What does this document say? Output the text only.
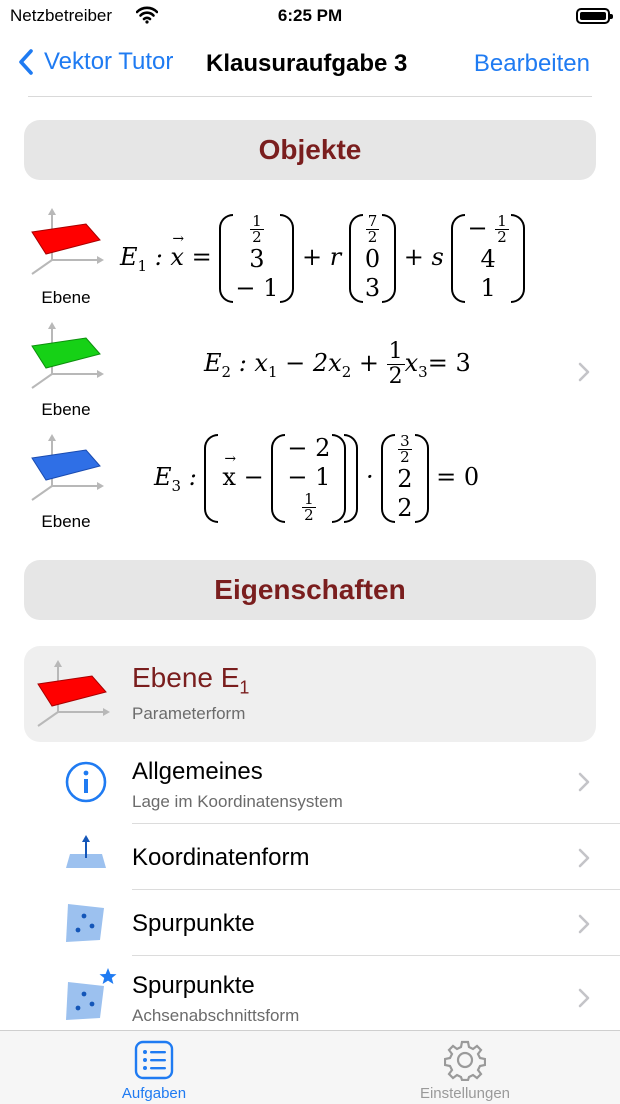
Netzbetreiber	6:25 PM
Vektor Tutor Klausuraufgabe 3	Bearbeiten
Objekte
Ebene
$E_1$ : x
→
=
$\frac{1}{2}$
3
− 1
+ r
$\frac{7}{2}$
0
3
+ s
− $\frac{1}{2}$
4
1
Ebene
$E_2$ : $x_1 - 2x_2 + \frac{1}{2} x_3= 3$
Ebene
$E_3$ : x
→
−
− 2
− 1
$\frac{1}{2}$
·
$\frac{3}{2}$
2
2
= 0
Eigenschaften
Ebene $E_1$
Parameterform
Allgemeines
Lage im Koordinatensystem
Koordinatenform
Spurpunkte
Spurpunkte
Achsenabschnittsform
Aufgaben	Einstellungen
